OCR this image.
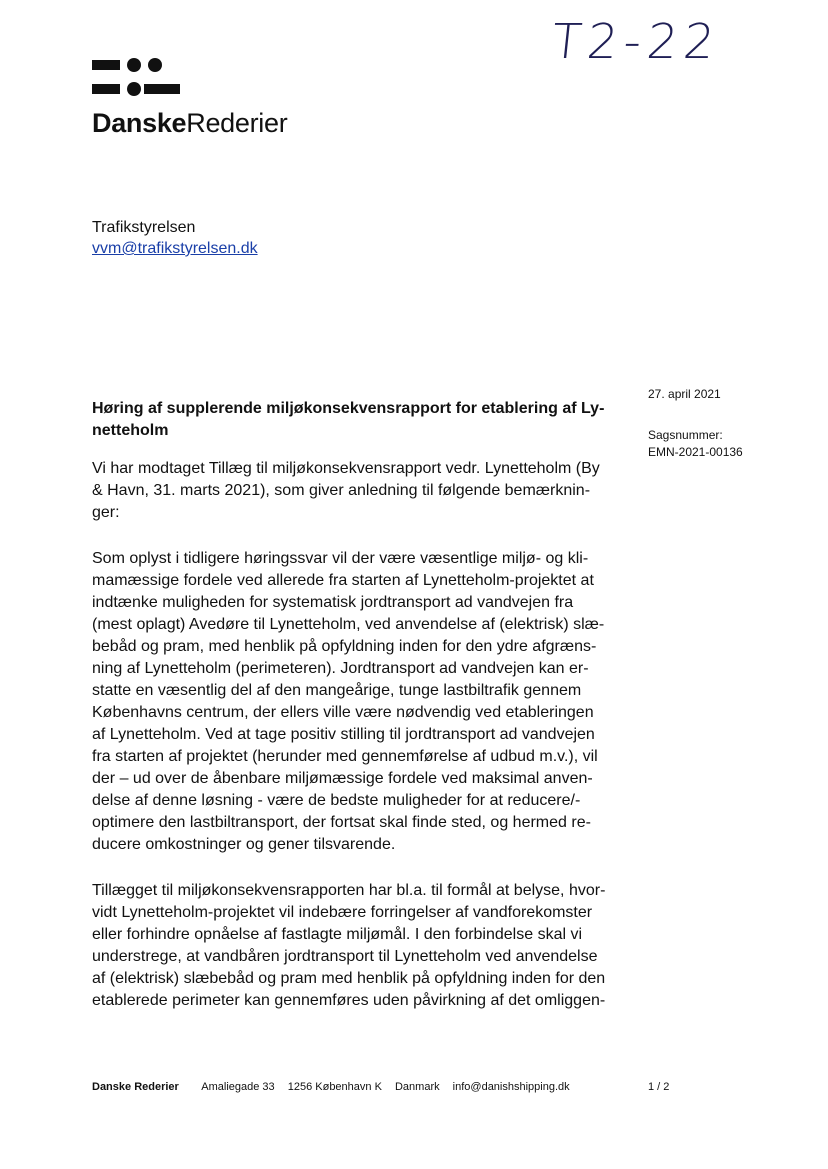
T2-22
DanskeRederier
Trafikstyrelsen
vvm@trafikstyrelsen.dk
27. april 2021
Sagsnummer:
EMN-2021-00136
Høring af supplerende miljøkonsekvensrapport for etablering af Ly-
netteholm

Vi har modtaget Tillæg til miljøkonsekvensrapport vedr. Lynetteholm (By
& Havn, 31. marts 2021), som giver anledning til følgende bemærknin-
ger:

Som oplyst i tidligere høringssvar vil der være væsentlige miljø- og kli-
mamæssige fordele ved allerede fra starten af Lynetteholm-projektet at
indtænke muligheden for systematisk jordtransport ad vandvejen fra
(mest oplagt) Avedøre til Lynetteholm, ved anvendelse af (elektrisk) slæ-
bebåd og pram, med henblik på opfyldning inden for den ydre afgræns-
ning af Lynetteholm (perimeteren). Jordtransport ad vandvejen kan er-
statte en væsentlig del af den mangeårige, tunge lastbiltrafik gennem
Københavns centrum, der ellers ville være nødvendig ved etableringen
af Lynetteholm. Ved at tage positiv stilling til jordtransport ad vandvejen
fra starten af projektet (herunder med gennemførelse af udbud m.v.), vil
der – ud over de åbenbare miljømæssige fordele ved maksimal anven-
delse af denne løsning - være de bedste muligheder for at reducere/-
optimere den lastbiltransport, der fortsat skal finde sted, og hermed re-
ducere omkostninger og gener tilsvarende.

Tillægget til miljøkonsekvensrapporten har bl.a. til formål at belyse, hvor-
vidt Lynetteholm-projektet vil indebære forringelser af vandforekomster
eller forhindre opnåelse af fastlagte miljømål. I den forbindelse skal vi
understrege, at vandbåren jordtransport til Lynetteholm ved anvendelse
af (elektrisk) slæbebåd og pram med henblik på opfyldning inden for den
etablerede perimeter kan gennemføres uden påvirkning af det omliggen-

Danske Rederier Amaliegade 33 1256 København K Danmark info@danishshipping.dk	1 / 2
